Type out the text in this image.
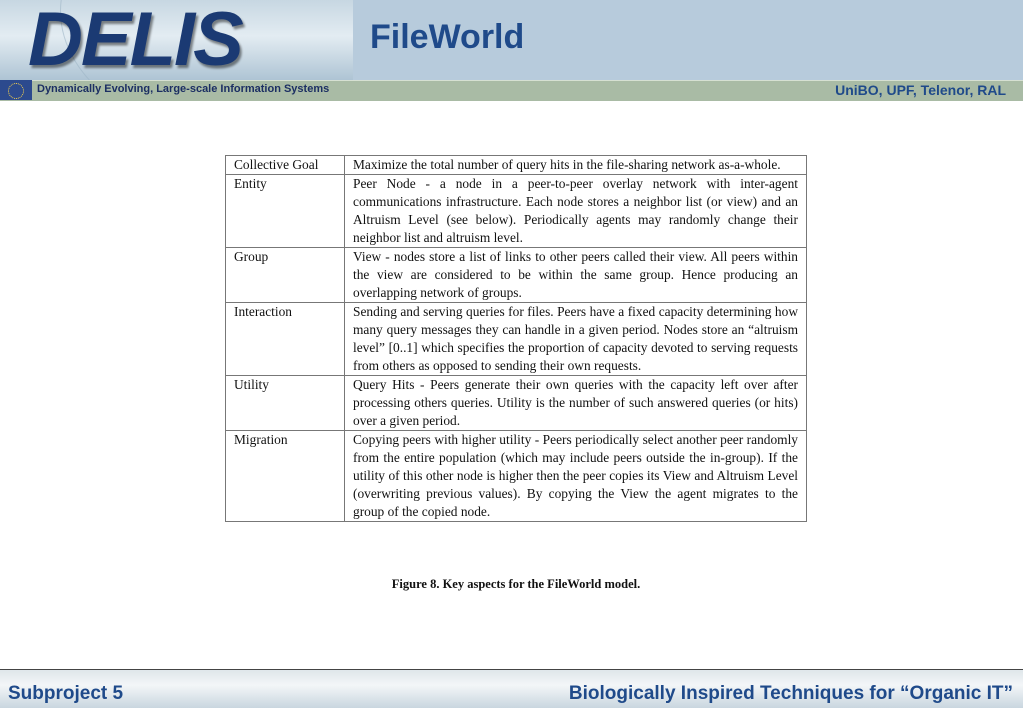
DELIS	FileWorld
Dynamically Evolving, Large-scale Information Systems	UniBO, UPF, Telenor, RAL
Collective Goal	Maximize the total number of query hits in the file-sharing network as-a-whole.
Entity	Peer Node - a node in a peer-to-peer overlay network with inter-agent communications infrastructure. Each node stores a neighbor list (or view) and an Altruism Level (see below). Periodically agents may randomly change their neighbor list and altruism level.
Group	View - nodes store a list of links to other peers called their view. All peers within the view are considered to be within the same group. Hence producing an overlapping network of groups.
Interaction	Sending and serving queries for files. Peers have a fixed capacity determining how many query messages they can handle in a given period. Nodes store an “altruism level” [0..1] which specifies the proportion of capacity devoted to serving requests from others as opposed to sending their own requests.
Utility	Query Hits - Peers generate their own queries with the capacity left over after processing others queries. Utility is the number of such answered queries (or hits) over a given period.
Migration	Copying peers with higher utility - Peers periodically select another peer randomly from the entire population (which may include peers outside the in-group). If the utility of this other node is higher then the peer copies its View and Altruism Level (overwriting previous values). By copying the View the agent migrates to the group of the copied node.
Figure 8. Key aspects for the FileWorld model.
Subproject 5	Biologically Inspired Techniques for “Organic IT”
